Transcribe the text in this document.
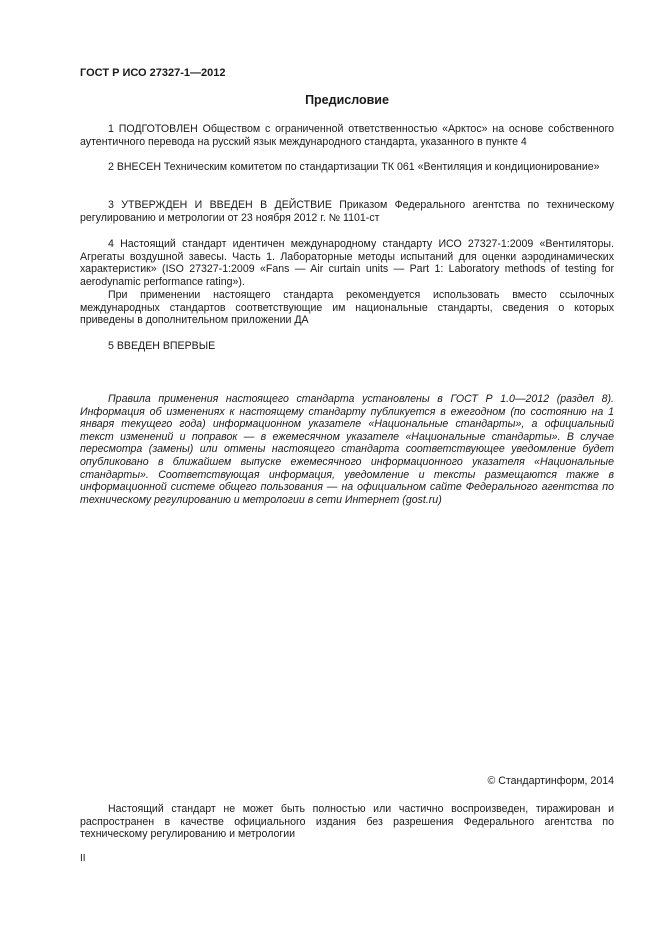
ГОСТ Р ИСО 27327-1—2012
Предисловие

1 ПОДГОТОВЛЕН Обществом с ограниченной ответственностью «Арктос» на основе собственного аутентичного перевода на русский язык международного стандарта, указанного в пункте 4

2 ВНЕСЕН Техническим комитетом по стандартизации ТК 061 «Вентиляция и кондиционирование»

3 УТВЕРЖДЕН И ВВЕДЕН В ДЕЙСТВИЕ Приказом Федерального агентства по техническому регулированию и метрологии от 23 ноября 2012 г. № 1101-ст

4 Настоящий стандарт идентичен международному стандарту ИСО 27327-1:2009 «Вентиляторы. Агрегаты воздушной завесы. Часть 1. Лабораторные методы испытаний для оценки аэродинамических характеристик» (ISO 27327-1:2009 «Fans — Air curtain units — Part 1: Laboratory methods of testing for aerodynamic performance rating»).

При применении настоящего стандарта рекомендуется использовать вместо ссылочных международных стандартов соответствующие им национальные стандарты, сведения о которых приведены в дополнительном приложении ДА

5 ВВЕДЕН ВПЕРВЫЕ

Правила применения настоящего стандарта установлены в ГОСТ Р 1.0—2012 (раздел 8). Информация об изменениях к настоящему стандарту публикуется в ежегодном (по состоянию на 1 января текущего года) информационном указателе «Национальные стандарты», а официальный текст изменений и поправок — в ежемесячном указателе «Национальные стандарты». В случае пересмотра (замены) или отмены настоящего стандарта соответствующее уведомление будет опубликовано в ближайшем выпуске ежемесячного информационного указателя «Национальные стандарты». Соответствующая информация, уведомление и тексты размещаются также в информационной системе общего пользования — на официальном сайте Федерального агентства по техническому регулированию и метрологии в сети Интернет (gost.ru)

© Стандартинформ, 2014

Настоящий стандарт не может быть полностью или частично воспроизведен, тиражирован и распространен в качестве официального издания без разрешения Федерального агентства по техническому регулированию и метрологии

II
